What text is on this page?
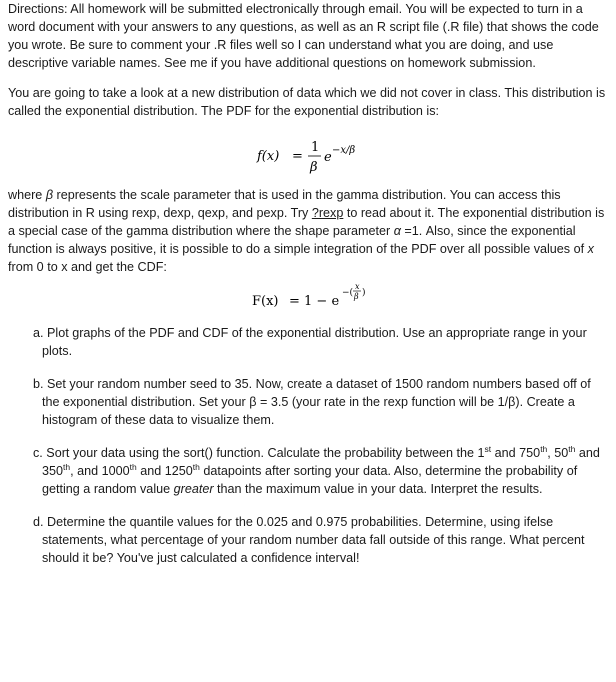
Directions: All homework will be submitted electronically through email. You will be expected to turn in a word document with your answers to any questions, as well as an R script file (.R file) that shows the code you wrote. Be sure to comment your .R files well so I can understand what you are doing, and use descriptive variable names. See me if you have additional questions on homework submission.

You are going to take a look at a new distribution of data which we did not cover in class. This distribution is called the exponential distribution. The PDF for the exponential distribution is:

f(x) =
1
β
e −x/β

where β represents the scale parameter that is used in the gamma distribution. You can access this distribution in R using rexp, dexp, qexp, and pexp. Try ?rexp to read about it. The exponential distribution is a special case of the gamma distribution where the shape parameter α =1. Also, since the exponential function is always positive, it is possible to do a simple integration of the PDF over all possible values of x from 0 to x and get the CDF:

F(x) = 1 − e
−(
x
β )
a. Plot graphs of the PDF and CDF of the exponential distribution. Use an appropriate range in your plots.
b. Set your random number seed to 35. Now, create a dataset of 1500 random numbers based off of the exponential distribution. Set your β = 3.5 (your rate in the rexp function will be 1/β). Create a histogram of these data to visualize them.
c. Sort your data using the sort() function. Calculate the probability between the 1st and 750th, 50th and 350th, and 1000th and 1250th datapoints after sorting your data. Also, determine the probability of getting a random value greater than the maximum value in your data. Interpret the results.
d. Determine the quantile values for the 0.025 and 0.975 probabilities. Determine, using ifelse statements, what percentage of your random number data fall outside of this range. What percent should it be? You've just calculated a confidence interval!
